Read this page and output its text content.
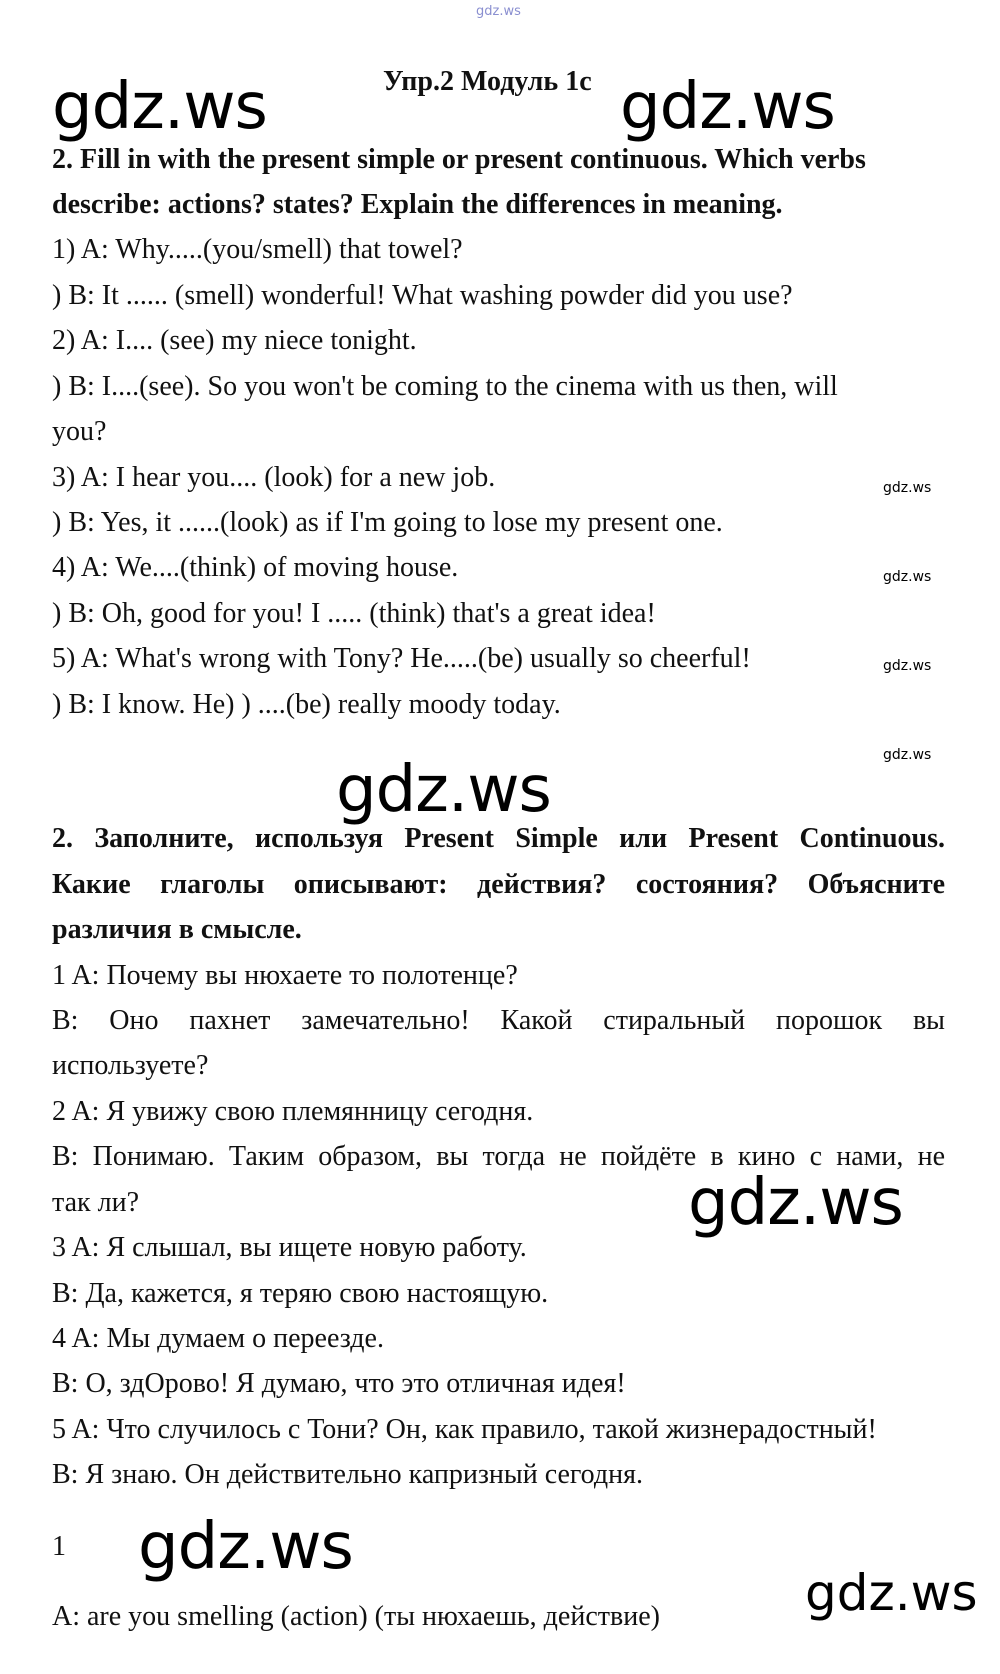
gdz.ws
gdz.ws	gdz.ws
gdz.ws
gdz.ws
gdz.ws
gdz.ws
gdz.ws
gdz.ws
gdz.ws
gdz.ws
Упр.2 Модуль 1с
2. Fill in with the present simple or present continuous. Which verbs
describe: actions? states? Explain the differences in meaning.
1) A: Why.....(you/smell) that towel?
) B: It ...... (smell) wonderful! What washing powder did you use?
2) A: I.... (see) my niece tonight.
) B: I....(see). So you won't be coming to the cinema with us then, will
you?
3) A: I hear you.... (look) for a new job.
) B: Yes, it ......(look) as if I'm going to lose my present one.
4) A: We....(think) of moving house.
) B: Oh, good for you! I ..... (think) that's a great idea!
5) A: What's wrong with Tony? He.....(be) usually so cheerful!
) B: I know. He) ) ....(be) really moody today.
2. Заполните, используя Present Simple или Present Continuous.
Какие глаголы описывают: действия? состояния? Объясните
различия в смысле.
1 A: Почему вы нюхаете то полотенце?
B: Оно пахнет замечательно! Какой стиральный порошок вы
используете?
2 A: Я увижу свою племянницу сегодня.
B: Понимаю. Таким образом, вы тогда не пойдёте в кино с нами, не
так ли?
3 A: Я слышал, вы ищете новую работу.
B: Да, кажется, я теряю свою настоящую.
4 A: Мы думаем о переезде.
B: О, здОрово! Я думаю, что это отличная идея!
5 A: Что случилось с Тони? Он, как правило, такой жизнерадостный!
B: Я знаю. Он действительно капризный сегодня.
1
A: are you smelling (action) (ты нюхаешь, действие)
